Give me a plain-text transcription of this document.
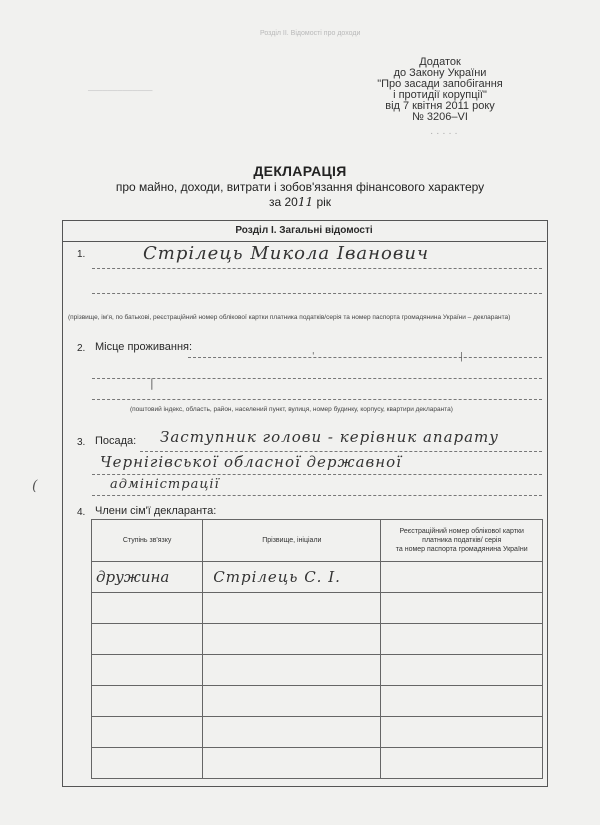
Розділ ІІ. Відомості про доходи
─────────────
· · · · ·
Додаток
до Закону України
"Про засади запобігання
і протидії корупції"
від 7 квітня 2011 року
№ 3206–VI
ДЕКЛАРАЦІЯ
про майно, доходи, витрати і зобов'язання фінансового характеру
за 2011 рік
Розділ І. Загальні відомості
1.	Стрілець Микола Іванович
(прізвище, ім'я, по батькові, реєстраційний номер облікової картки платника податків/серія та номер паспорта громадянина України – декларанта)
2. Місце проживання:
|
'	|
(поштовий індекс, область, район, населений пункт, вулиця, номер будинку, корпусу, квартири декларанта)
3. Посада: Заступник голови - керівник апарату
Чернігівської обласної державної
адміністрації
(
4. Члени сім'ї декларанта:
Ступінь зв'язку	Прізвище, ініціали	Реєстраційний номер облікової картки
платника податків/ серія
та номер паспорта громадянина України

дружина	Стрілець С. І.	
